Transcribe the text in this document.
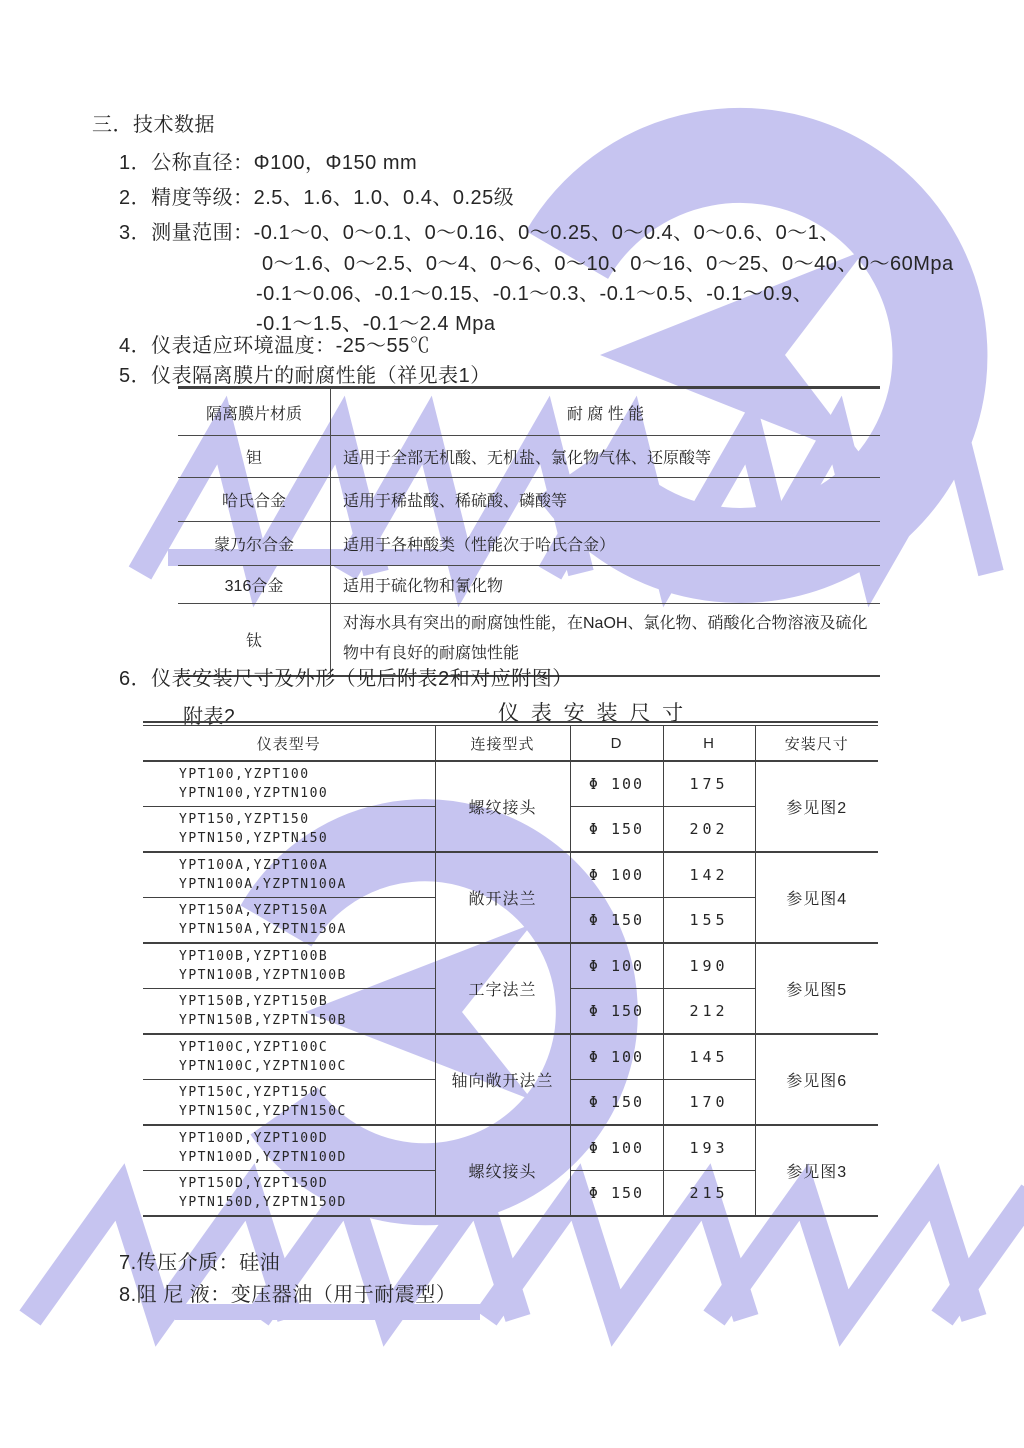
三．技术数据
1．公称直径：Φ100，Φ150 mm
2．精度等级：2.5、1.6、1.0、0.4、0.25级
3．测量范围：-0.1～0、0～0.1、0～0.16、0～0.25、0～0.4、0～0.6、0～1、
0～1.6、0～2.5、0～4、0～6、0～10、0～16、0～25、0～40、0～60Mpa
-0.1～0.06、-0.1～0.15、-0.1～0.3、-0.1～0.5、-0.1～0.9、
-0.1～1.5、-0.1～2.4 Mpa
4．仪表适应环境温度：-25～55℃
5．仪表隔离膜片的耐腐性能（祥见表1）
隔离膜片材质	耐 腐 性 能
钽	适用于全部无机酸、无机盐、氯化物气体、还原酸等
哈氏合金	适用于稀盐酸、稀硫酸、磷酸等
蒙乃尔合金	适用于各种酸类（性能次于哈氏合金）
316合金	适用于硫化物和氰化物
钛	对海水具有突出的耐腐蚀性能，在NaOH、氯化物、硝酸化合物溶液及硫化物中有良好的耐腐蚀性能
6．仪表安装尺寸及外形（见后附表2和对应附图）
附表2	仪 表 安 装 尺 寸
仪表型号	连接型式	D	H	安装尺寸

YPT100,YZPT100
YPTN100,YZPTN100	螺纹接头	Φ 100	175	参见图2

YPT150,YZPT150
YPTN150,YZPTN150		Φ 150	202	

YPT100A,YZPT100A
YPTN100A,YZPTN100A	敞开法兰	Φ 100	142	参见图4

YPT150A,YZPT150A
YPTN150A,YZPTN150A		Φ 150	155	

YPT100B,YZPT100B
YPTN100B,YZPTN100B	工字法兰	Φ 100	190	参见图5

YPT150B,YZPT150B
YPTN150B,YZPTN150B		Φ 150	212	

YPT100C,YZPT100C
YPTN100C,YZPTN100C	轴向敞开法兰	Φ 100	145	参见图6

YPT150C,YZPT150C
YPTN150C,YZPTN150C		Φ 150	170	

YPT100D,YZPT100D
YPTN100D,YZPTN100D	螺纹接头	Φ 100	193	参见图3

YPT150D,YZPT150D
YPTN150D,YZPTN150D		Φ 150	215	
7.传压介质：硅油
8.阻 尼 液：变压器油（用于耐震型）
